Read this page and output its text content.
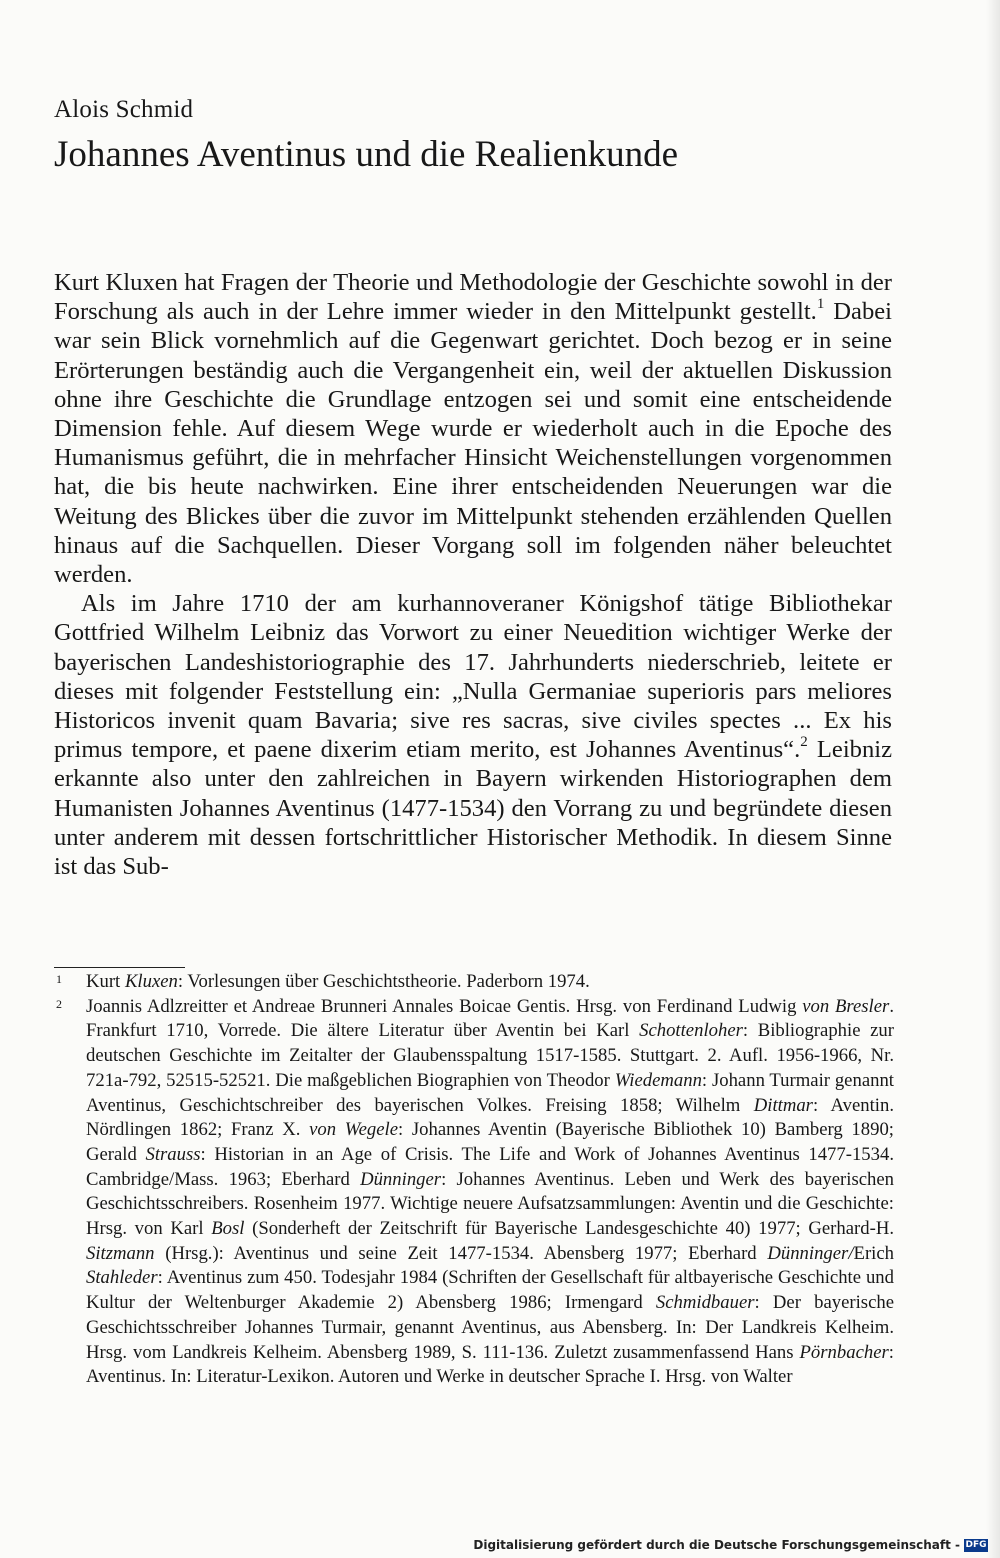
Alois Schmid

Johannes Aventinus und die Realienkunde

Kurt Kluxen hat Fragen der Theorie und Methodologie der Geschichte sowohl in der Forschung als auch in der Lehre immer wieder in den Mittelpunkt gestellt.$^1$ Dabei war sein Blick vornehmlich auf die Gegenwart gerichtet. Doch bezog er in seine Erörterungen beständig auch die Vergangenheit ein, weil der aktuellen Diskussion ohne ihre Geschichte die Grundlage entzogen sei und somit eine entscheidende Dimension fehle. Auf diesem Wege wurde er wiederholt auch in die Epoche des Humanismus geführt, die in mehrfacher Hinsicht Weichenstellungen vorgenommen hat, die bis heute nachwirken. Eine ihrer entscheidenden Neuerungen war die Weitung des Blickes über die zuvor im Mittelpunkt stehenden erzählenden Quellen hinaus auf die Sachquellen. Dieser Vorgang soll im folgenden näher beleuchtet werden.

Als im Jahre 1710 der am kurhannoveraner Königshof tätige Bibliothekar Gottfried Wilhelm Leibniz das Vorwort zu einer Neuedition wichtiger Werke der bayerischen Landeshistoriographie des 17. Jahrhunderts niederschrieb, leitete er dieses mit folgender Feststellung ein: „Nulla Germaniae superioris pars meliores Historicos invenit quam Bavaria; sive res sacras, sive civiles spectes ... Ex his primus tempore, et paene dixerim etiam merito, est Johannes Aventinus“.$^2$ Leibniz erkannte also unter den zahlreichen in Bayern wirkenden Historiographen dem Humanisten Johannes Aventinus (1477-1534) den Vorrang zu und begründete diesen unter anderem mit dessen fortschrittlicher Historischer Methodik. In diesem Sinne ist das Sub-

1	Kurt Kluxen: Vorlesungen über Geschichtstheorie. Paderborn 1974.
2	Joannis Adlzreitter et Andreae Brunneri Annales Boicae Gentis. Hrsg. von Ferdinand Ludwig von Bresler. Frankfurt 1710, Vorrede. Die ältere Literatur über Aventin bei Karl Schottenloher: Bibliographie zur deutschen Geschichte im Zeitalter der Glaubensspaltung 1517-1585. Stuttgart. 2. Aufl. 1956-1966, Nr. 721a-792, 52515-52521. Die maßgeblichen Biographien von Theodor Wiedemann: Johann Turmair genannt Aventinus, Geschichtschreiber des bayerischen Volkes. Freising 1858; Wilhelm Dittmar: Aventin. Nördlingen 1862; Franz X. von Wegele: Johannes Aventin (Bayerische Bibliothek 10) Bamberg 1890; Gerald Strauss: Historian in an Age of Crisis. The Life and Work of Johannes Aventinus 1477-1534. Cambridge/Mass. 1963; Eberhard Dünninger: Johannes Aventinus. Leben und Werk des bayerischen Geschichtsschreibers. Rosenheim 1977. Wichtige neuere Aufsatzsammlungen: Aventin und die Geschichte: Hrsg. von Karl Bosl (Sonderheft der Zeitschrift für Bayerische Landesgeschichte 40) 1977; Gerhard-H. Sitzmann (Hrsg.): Aventinus und seine Zeit 1477-1534. Abensberg 1977; Eberhard Dünninger/Erich Stahleder: Aventinus zum 450. Todesjahr 1984 (Schriften der Gesellschaft für altbayerische Geschichte und Kultur der Weltenburger Akademie 2) Abensberg 1986; Irmengard Schmidbauer: Der bayerische Geschichtsschreiber Johannes Turmair, genannt Aventinus, aus Abensberg. In: Der Landkreis Kelheim. Hrsg. vom Landkreis Kelheim. Abensberg 1989, S. 111-136. Zuletzt zusammenfassend Hans Pörnbacher: Aventinus. In: Literatur-Lexikon. Autoren und Werke in deutscher Sprache I. Hrsg. von Walter
Digitalisierung gefördert durch die Deutsche Forschungsgemeinschaft - DFG
